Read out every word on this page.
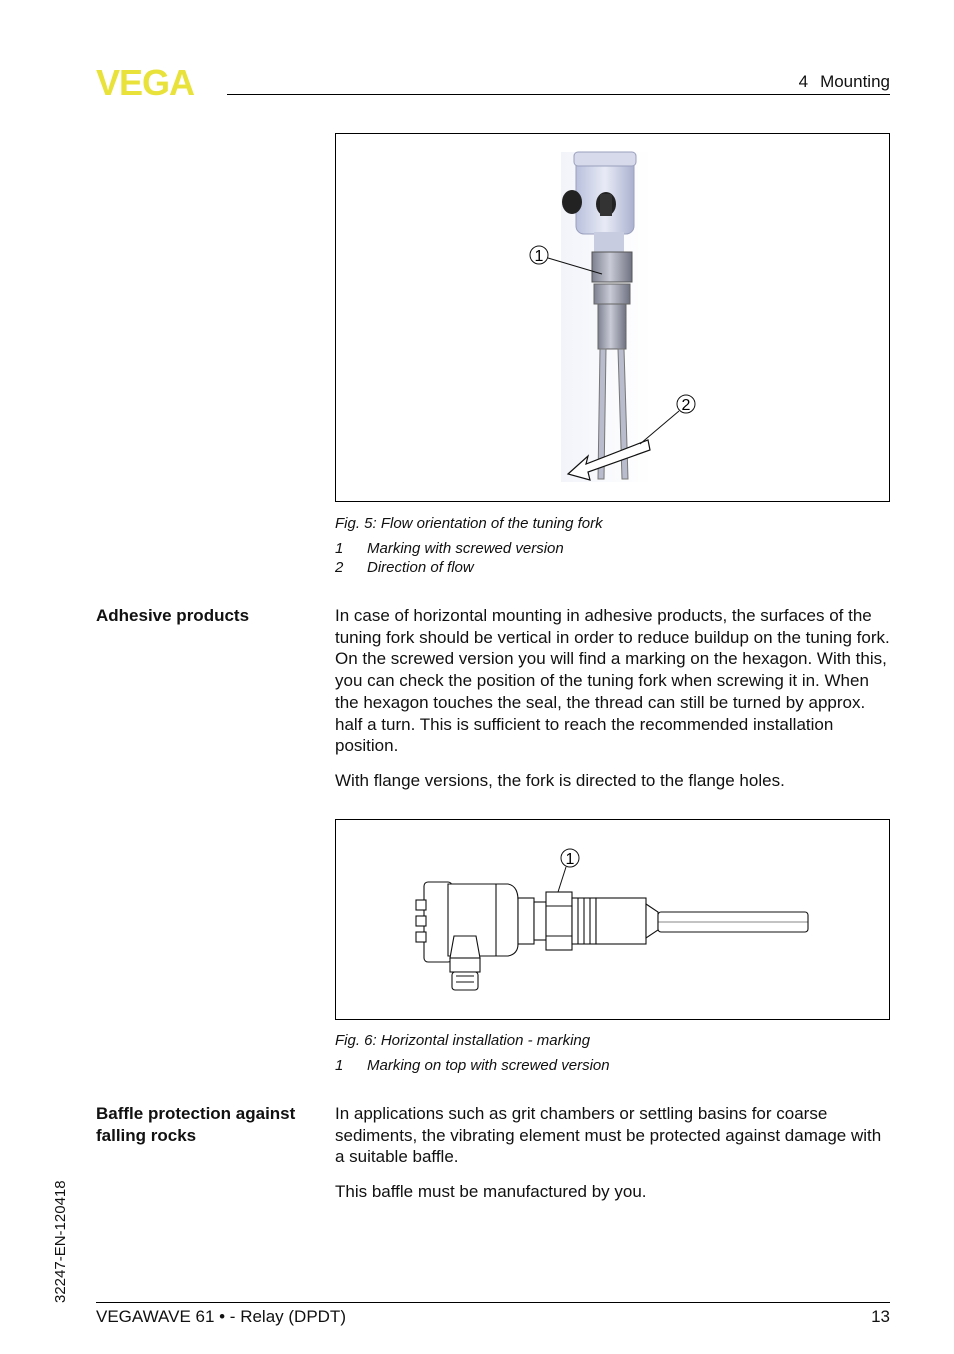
VEGA	4 Mounting
1
2
Fig. 5: Flow orientation of the tuning fork
1 Marking with screwed version
2 Direction of flow
Adhesive products	In case of horizontal mounting in adhesive products, the surfaces of the tuning fork should be vertical in order to reduce buildup on the tuning fork. On the screwed version you will find a marking on the hexagon. With this, you can check the position of the tuning fork when screwing it in. When the hexagon touches the seal, the thread can still be turned by approx. half a turn. This is sufficient to reach the recommended installation position.
With flange versions, the fork is directed to the flange holes.
1
Fig. 6: Horizontal installation - marking
1 Marking on top with screwed version
Baffle protection against
falling rocks
In applications such as grit chambers or settling basins for coarse sediments, the vibrating element must be protected against damage with a suitable baffle.
This baffle must be manufactured by you.
32247-EN-120418
VEGAWAVE 61 • - Relay (DPDT)	13
